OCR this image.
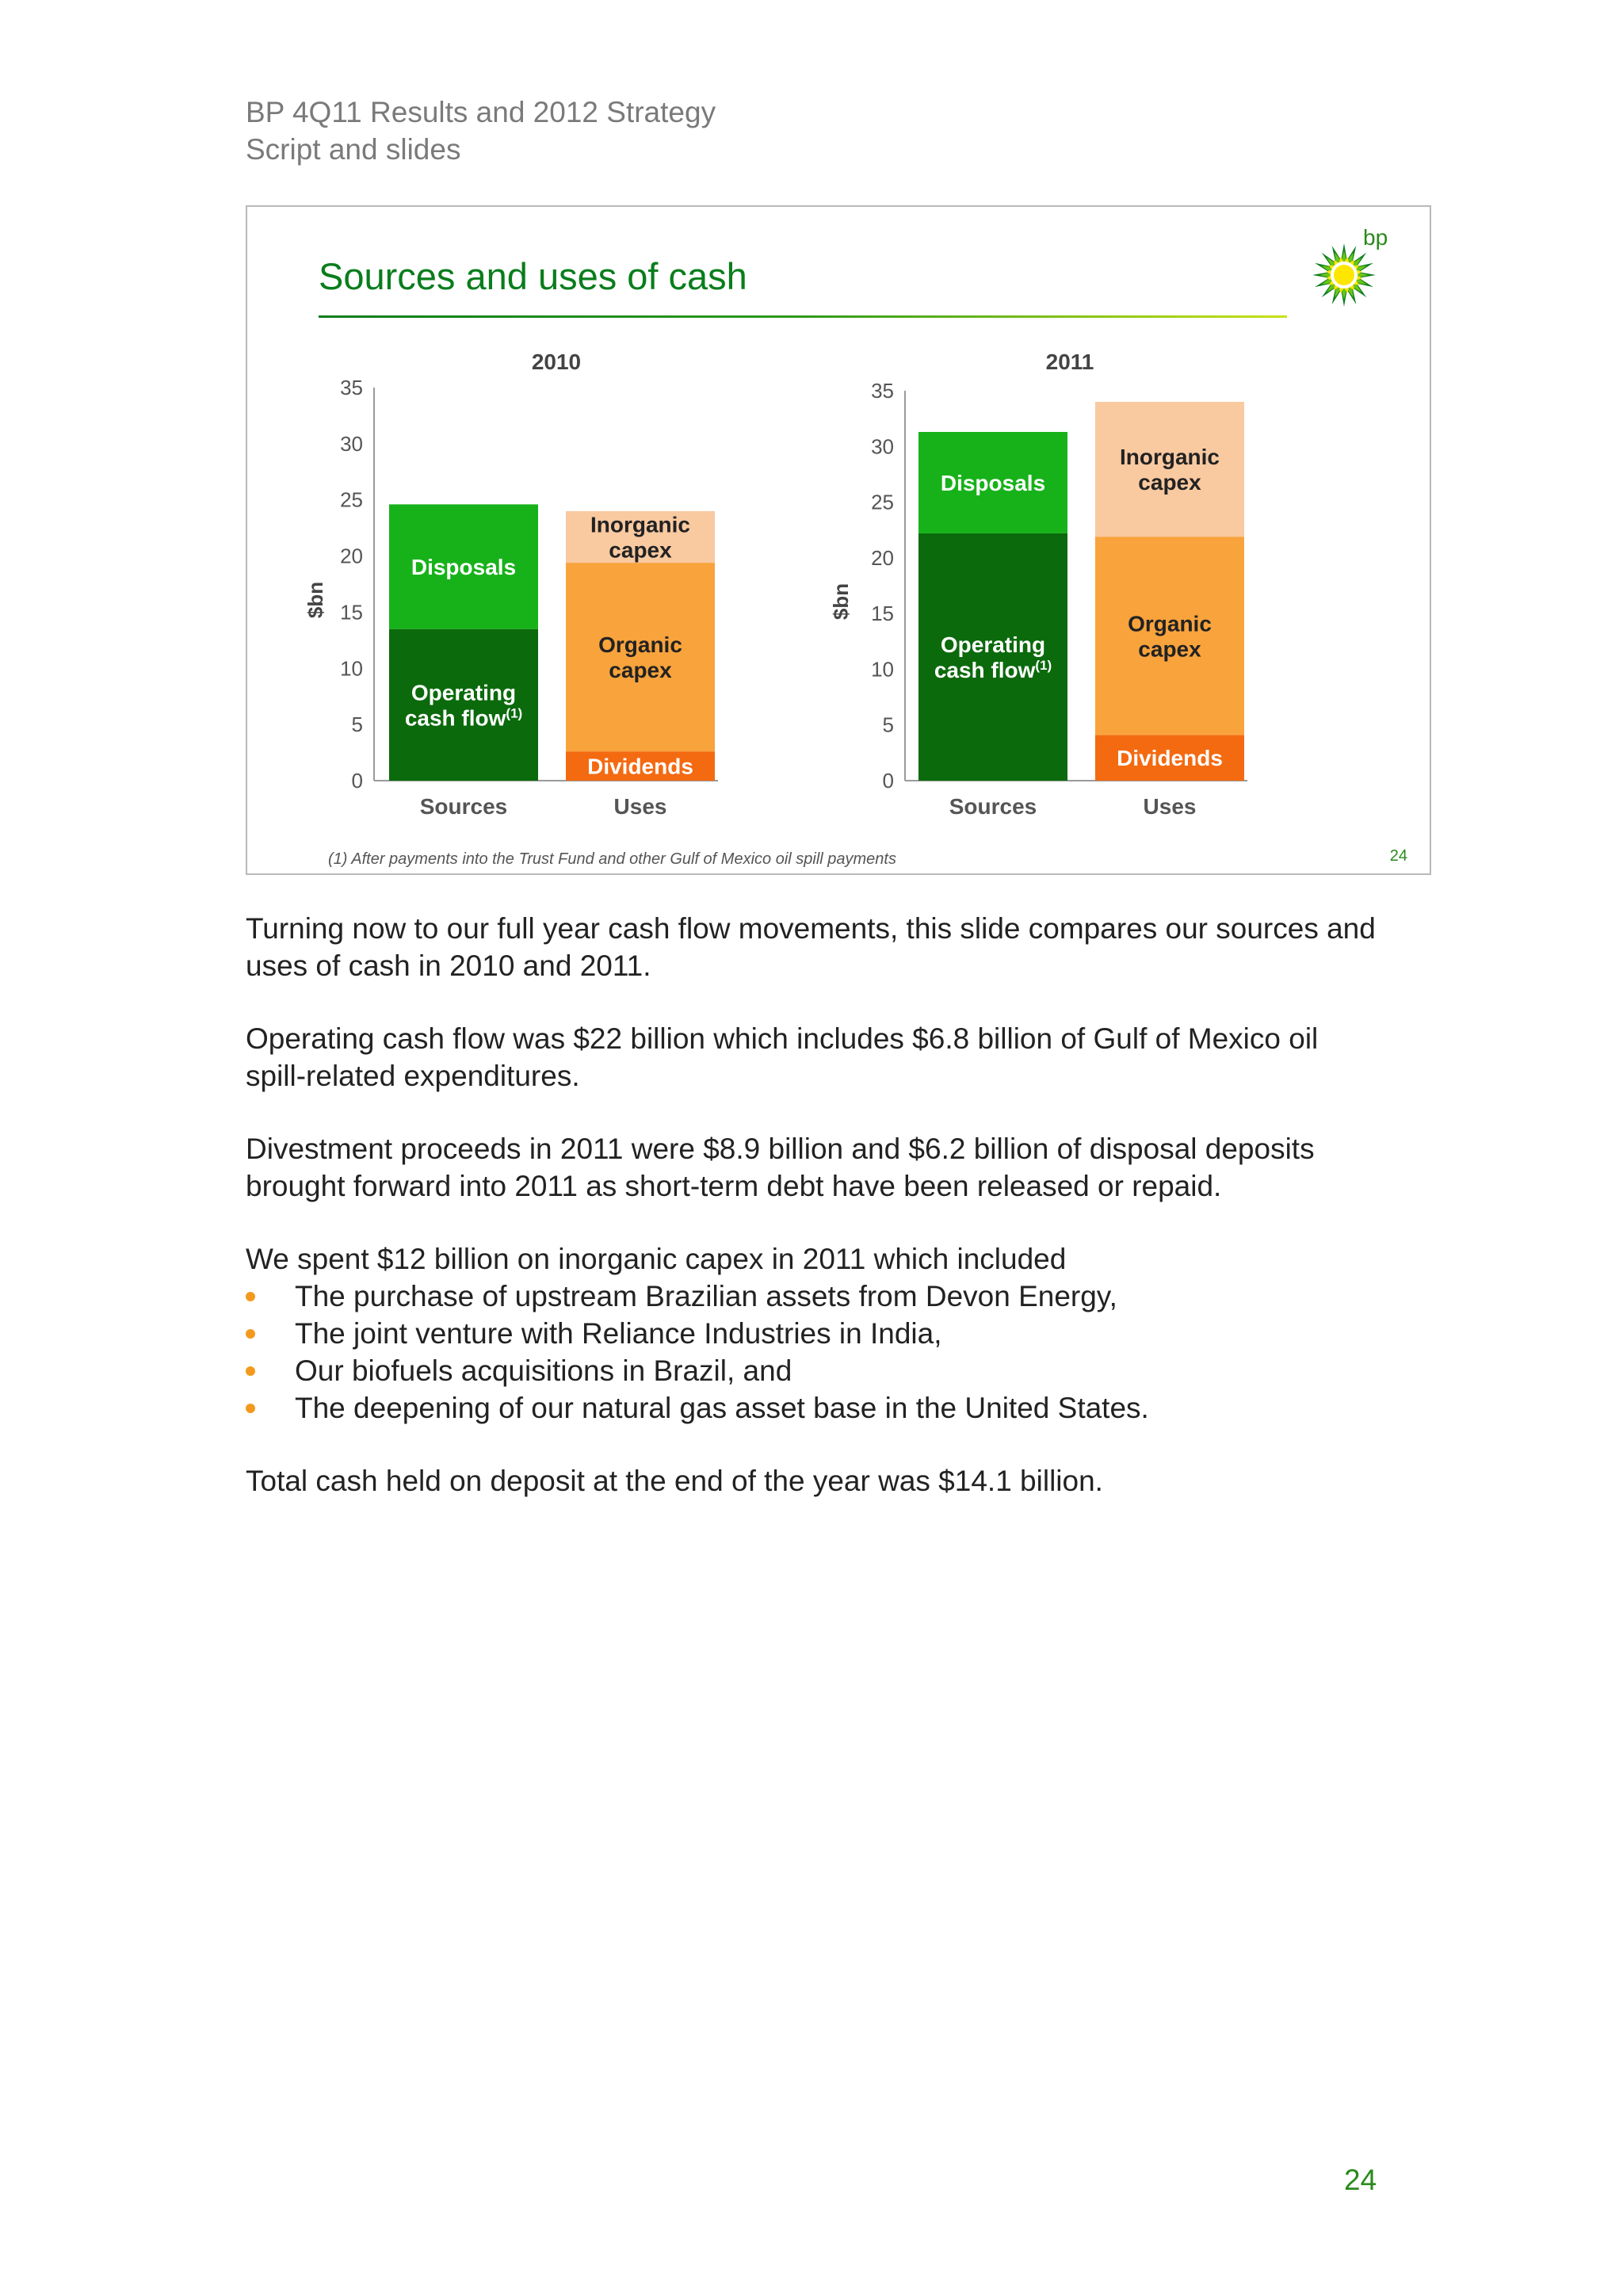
BP 4Q11 Results and 2012 Strategy
Script and slides
Sources and uses of cash
bp
0
5
10
15
20
25
30
35
2010
$bn
Operating
cash flow$^{(1)}$
Disposals
Sources
Dividends
Organic
capex
Inorganic
capex
Uses
0
5
10
15
20
25
30
35
2011
$bn
Operating
cash flow$^{(1)}$
Disposals
Sources
Dividends
Organic
capex
Inorganic
capex
Uses
(1) After payments into the Trust Fund and other Gulf of Mexico oil spill payments	24

Turning now to our full year cash flow movements, this slide compares our sources and uses of cash in 2010 and 2011.

Operating cash flow was $22 billion which includes $6.8 billion of Gulf of Mexico oil spill-related expenditures.

Divestment proceeds in 2011 were $8.9 billion and $6.2 billion of disposal deposits brought forward into 2011 as short-term debt have been released or repaid.

We spent $12 billion on inorganic capex in 2011 which included

The purchase of upstream Brazilian assets from Devon Energy,
The joint venture with Reliance Industries in India,
Our biofuels acquisitions in Brazil, and
The deepening of our natural gas asset base in the United States.

Total cash held on deposit at the end of the year was $14.1 billion.

24
